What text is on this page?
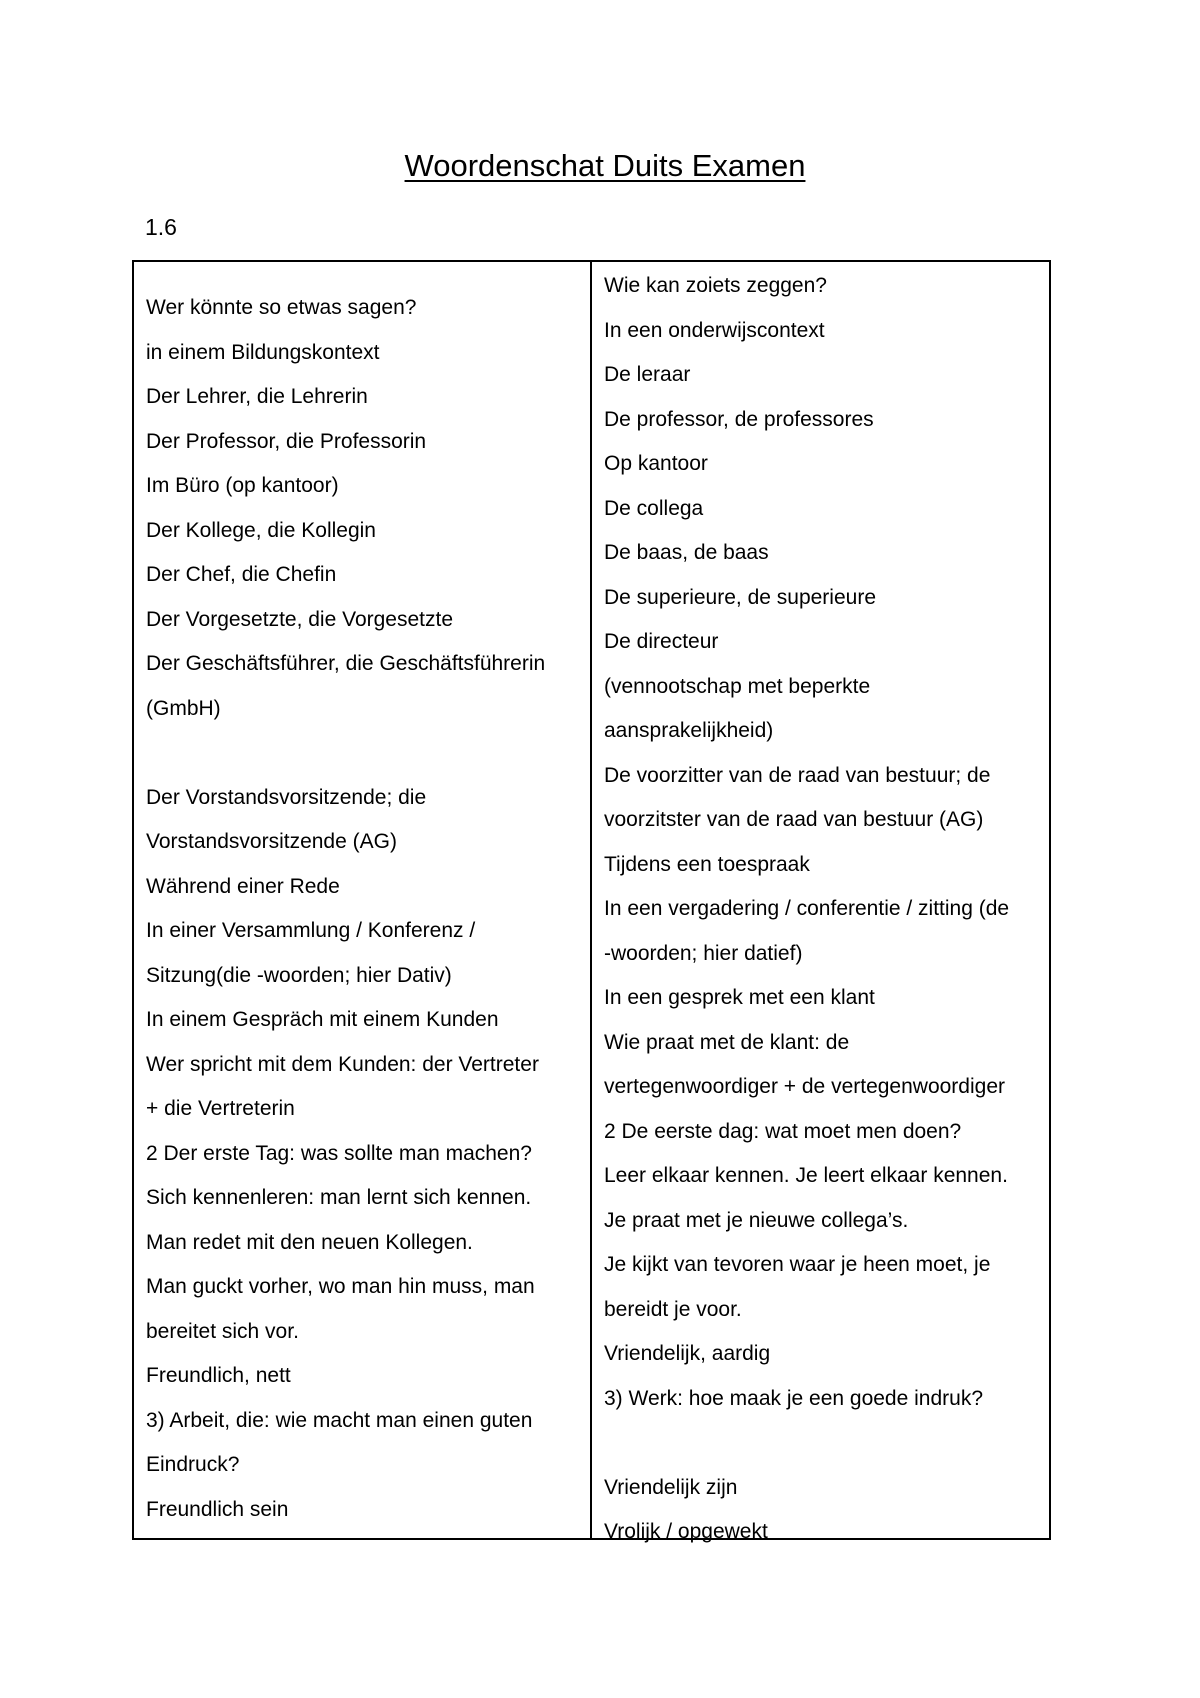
Woordenschat Duits Examen
1.6
Wer könnte so etwas sagen?
in einem Bildungskontext
Der Lehrer, die Lehrerin
Der Professor, die Professorin
Im Büro (op kantoor)
Der Kollege, die Kollegin
Der Chef, die Chefin
Der Vorgesetzte, die Vorgesetzte
Der Geschäftsführer, die Geschäftsführerin
(GmbH)
Der Vorstandsvorsitzende; die
Vorstandsvorsitzende (AG)
Während einer Rede
In einer Versammlung / Konferenz /
Sitzung(die -woorden; hier Dativ)
In einem Gespräch mit einem Kunden
Wer spricht mit dem Kunden: der Vertreter
+ die Vertreterin
2 Der erste Tag: was sollte man machen?
Sich kennenleren: man lernt sich kennen.
Man redet mit den neuen Kollegen.
Man guckt vorher, wo man hin muss, man
bereitet sich vor.
Freundlich, nett
3) Arbeit, die: wie macht man einen guten
Eindruck?
Freundlich sein
Wie kan zoiets zeggen?
In een onderwijscontext
De leraar
De professor, de professores
Op kantoor
De collega
De baas, de baas
De superieure, de superieure
De directeur
(vennootschap met beperkte
aansprakelijkheid)
De voorzitter van de raad van bestuur; de
voorzitster van de raad van bestuur (AG)
Tijdens een toespraak
In een vergadering / conferentie / zitting (de
-woorden; hier datief)
In een gesprek met een klant
Wie praat met de klant: de
vertegenwoordiger + de vertegenwoordiger
2 De eerste dag: wat moet men doen?
Leer elkaar kennen. Je leert elkaar kennen.
Je praat met je nieuwe collega’s.
Je kijkt van tevoren waar je heen moet, je
bereidt je voor.
Vriendelijk, aardig
3) Werk: hoe maak je een goede indruk?
Vriendelijk zijn
Vrolijk / opgewekt
